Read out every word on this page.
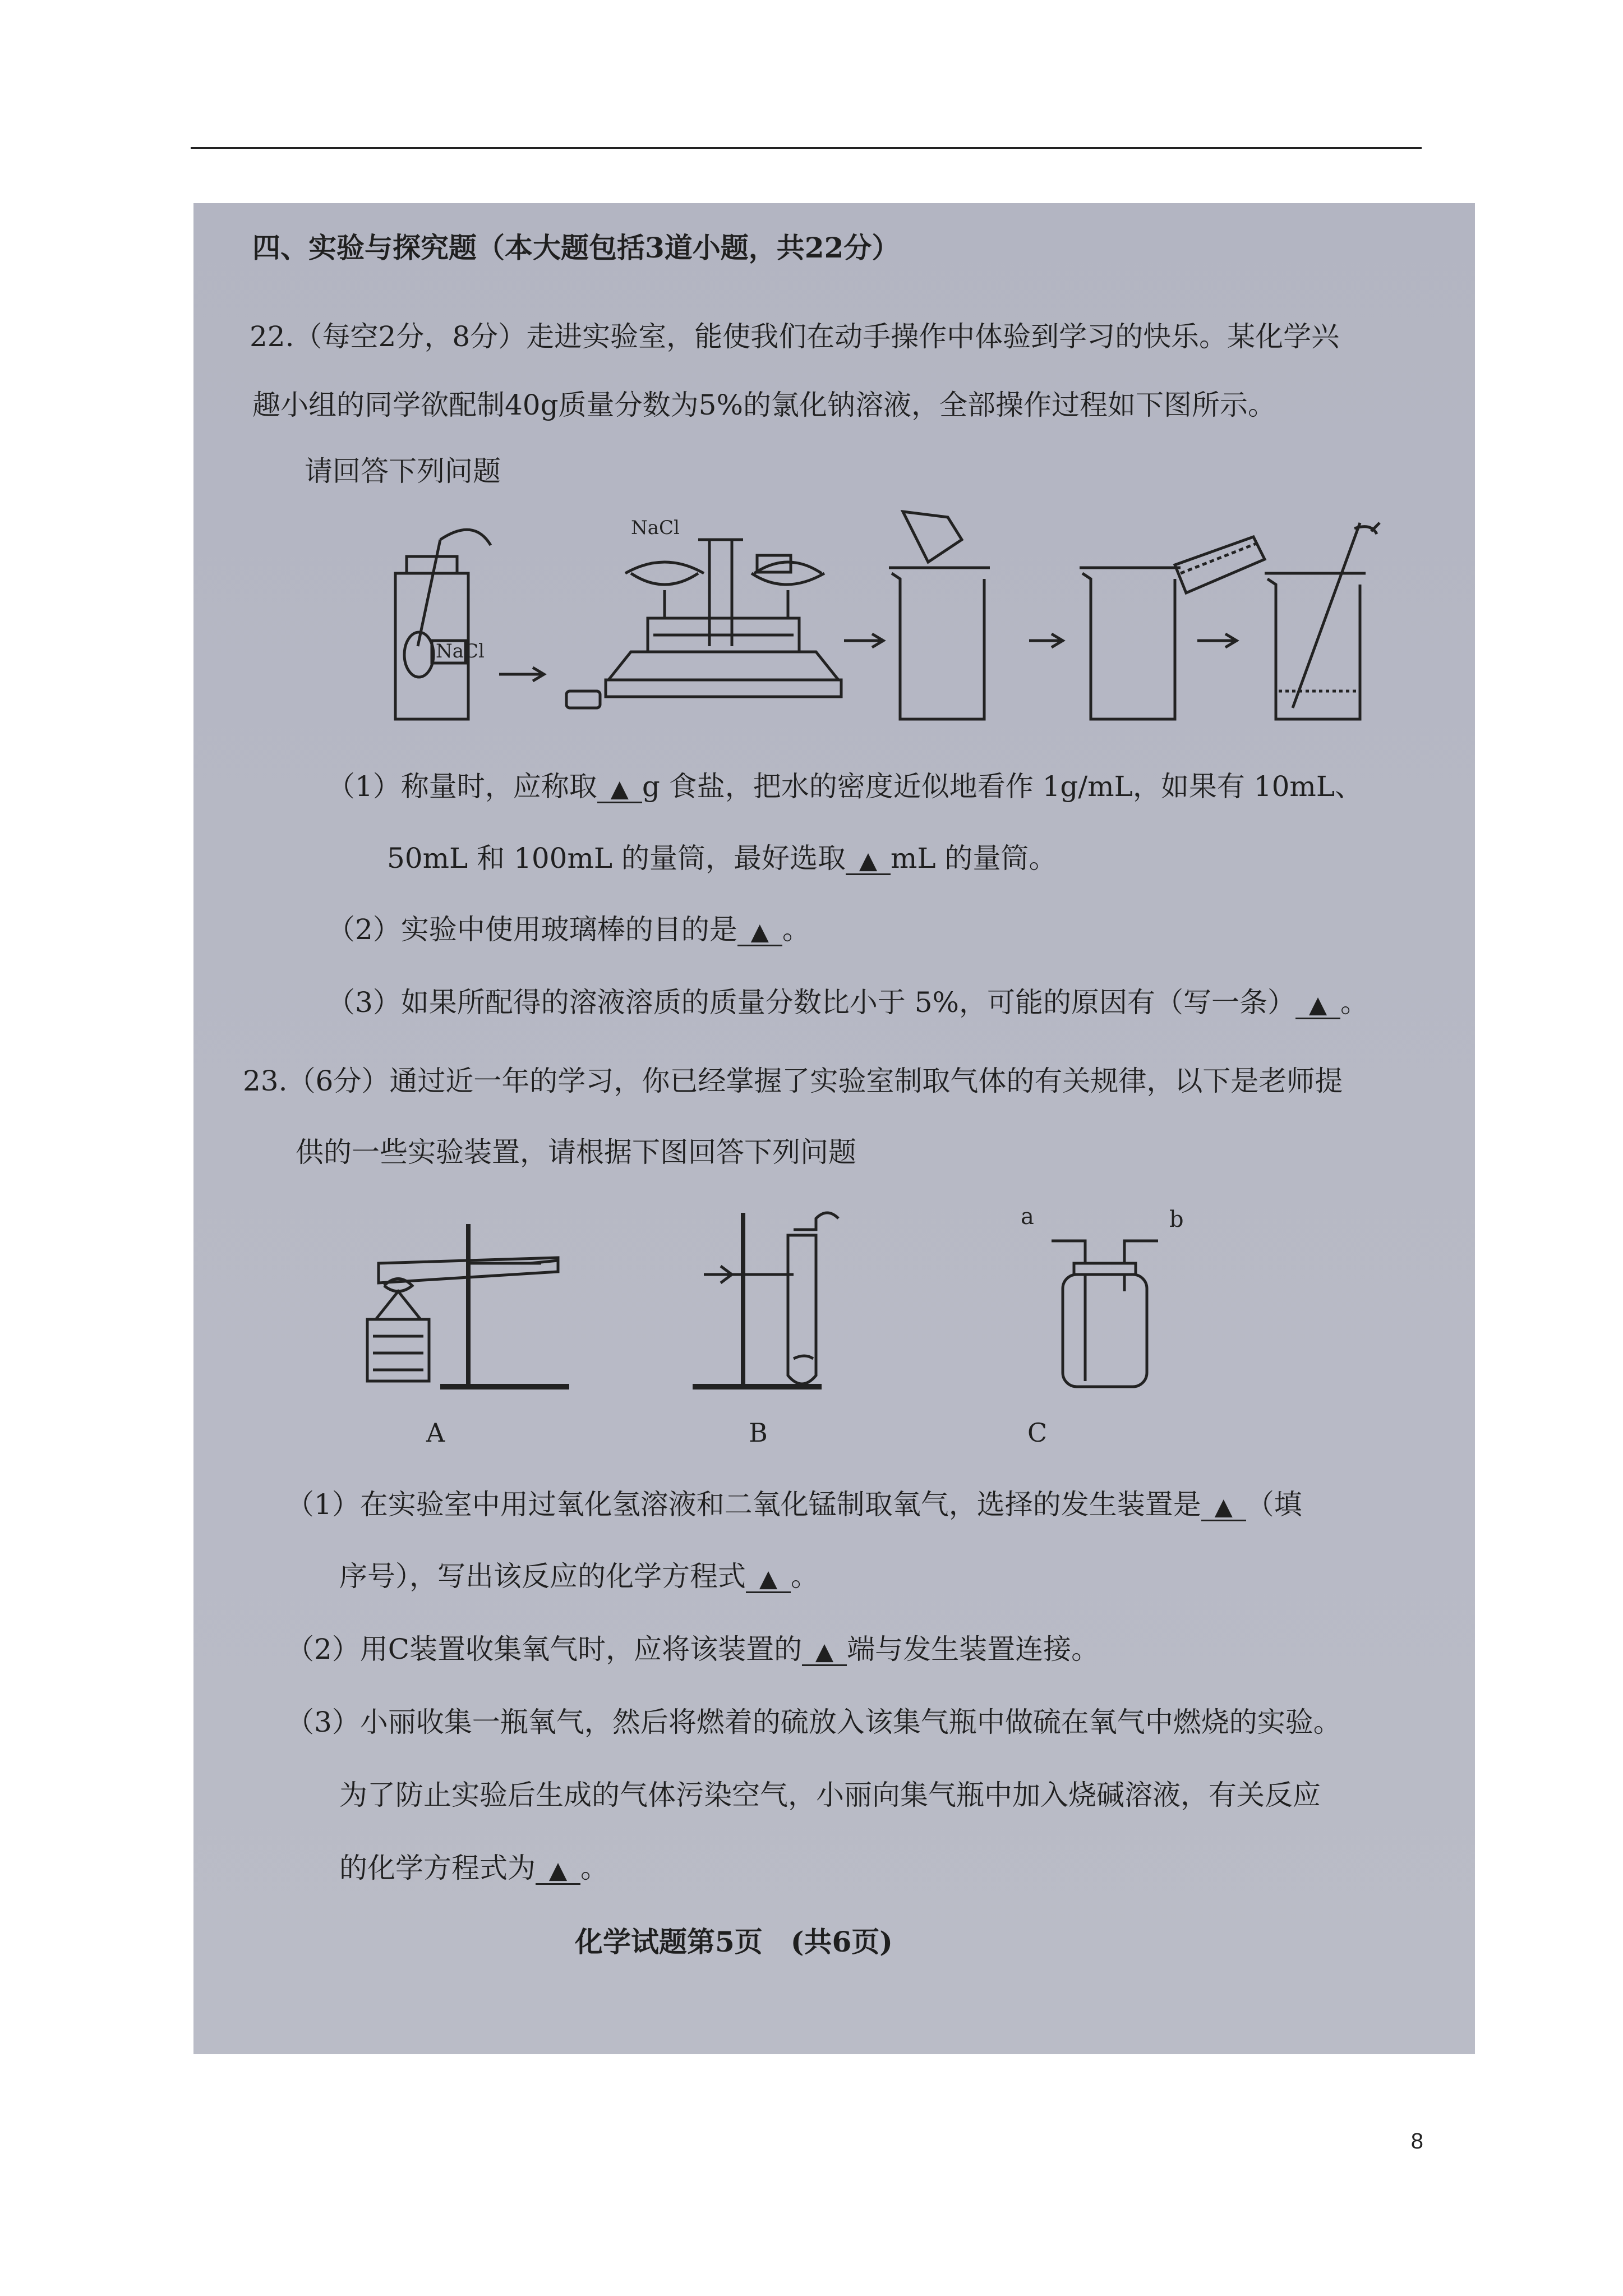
四、实验与探究题（本大题包括3道小题，共22分）
22.（每空2分，8分）走进实验室，能使我们在动手操作中体验到学习的快乐。某化学兴
趣小组的同学欲配制40g质量分数为5%的氯化钠溶液，全部操作过程如下图所示。
请回答下列问题
NaCl
NaCl
（1）称量时，应称取 ▲ g 食盐，把水的密度近似地看作 1g/mL，如果有 10mL、
50mL 和 100mL 的量筒，最好选取 ▲ mL 的量筒。
（2）实验中使用玻璃棒的目的是 ▲ 。
（3）如果所配得的溶液溶质的质量分数比小于 5%，可能的原因有（写一条） ▲ 。
23.（6分）通过近一年的学习，你已经掌握了实验室制取气体的有关规律，以下是老师提
供的一些实验装置，请根据下图回答下列问题
a	b
A	B	C
（1）在实验室中用过氧化氢溶液和二氧化锰制取氧气，选择的发生装置是 ▲ （填
序号），写出该反应的化学方程式 ▲ 。
（2）用C装置收集氧气时，应将该装置的 ▲ 端与发生装置连接。
（3）小丽收集一瓶氧气，然后将燃着的硫放入该集气瓶中做硫在氧气中燃烧的实验。
为了防止实验后生成的气体污染空气，小丽向集气瓶中加入烧碱溶液，有关反应
的化学方程式为 ▲ 。
化学试题第5页　(共6页)
8
